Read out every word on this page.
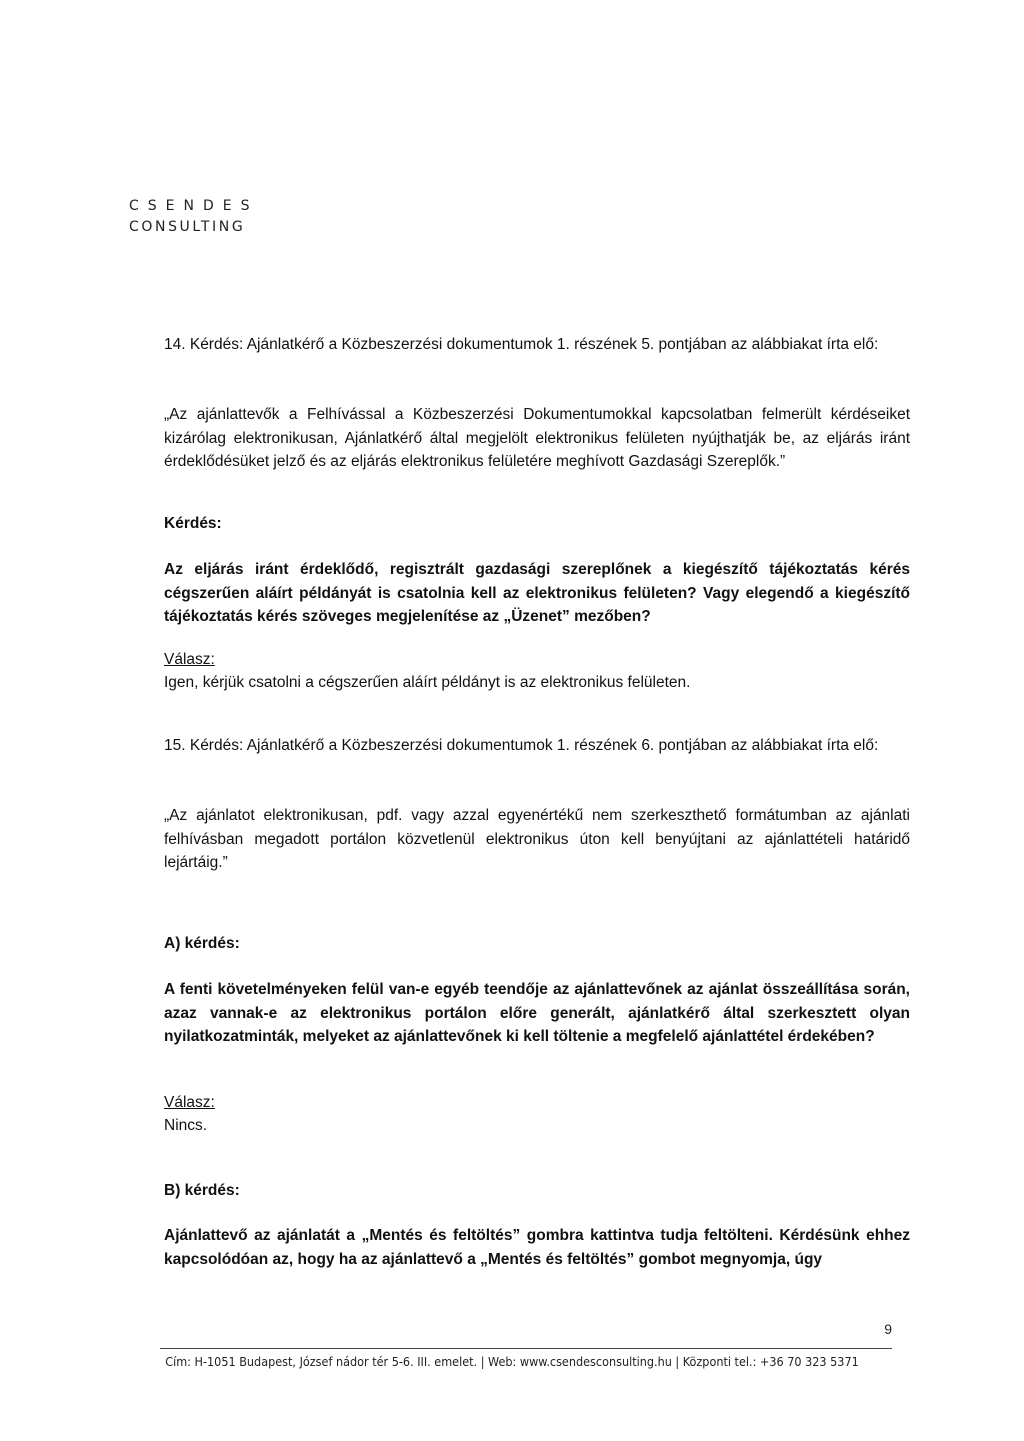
CSENDES
CONSULTING
14. Kérdés: Ajánlatkérő a Közbeszerzési dokumentumok 1. részének 5. pontjában az alábbiakat írta elő:
„Az ajánlattevők a Felhívással a Közbeszerzési Dokumentumokkal kapcsolatban felmerült kérdéseiket kizárólag elektronikusan, Ajánlatkérő által megjelölt elektronikus felületen nyújthatják be, az eljárás iránt érdeklődésüket jelző és az eljárás elektronikus felületére meghívott Gazdasági Szereplők.”
Kérdés:
Az eljárás iránt érdeklődő, regisztrált gazdasági szereplőnek a kiegészítő tájékoztatás kérés cégszerűen aláírt példányát is csatolnia kell az elektronikus felületen? Vagy elegendő a kiegészítő tájékoztatás kérés szöveges megjelenítése az „Üzenet” mezőben?
Válasz:
Igen, kérjük csatolni a cégszerűen aláírt példányt is az elektronikus felületen.
15. Kérdés: Ajánlatkérő a Közbeszerzési dokumentumok 1. részének 6. pontjában az alábbiakat írta elő:
„Az ajánlatot elektronikusan, pdf. vagy azzal egyenértékű nem szerkeszthető formátumban az ajánlati felhívásban megadott portálon közvetlenül elektronikus úton kell benyújtani az ajánlattételi határidő lejártáig.”
A) kérdés:
A fenti követelményeken felül van-e egyéb teendője az ajánlattevőnek az ajánlat összeállítása során, azaz vannak-e az elektronikus portálon előre generált, ajánlatkérő által szerkesztett olyan nyilatkozatminták, melyeket az ajánlattevőnek ki kell töltenie a megfelelő ajánlattétel érdekében?
Válasz:
Nincs.
B) kérdés:
Ajánlattevő az ajánlatát a „Mentés és feltöltés” gombra kattintva tudja feltölteni. Kérdésünk ehhez kapcsolódóan az, hogy ha az ajánlattevő a „Mentés és feltöltés” gombot megnyomja, úgy
9
Cím: H-1051 Budapest, József nádor tér 5-6. III. emelet. | Web: www.csendesconsulting.hu | Központi tel.: +36 70 323 5371
